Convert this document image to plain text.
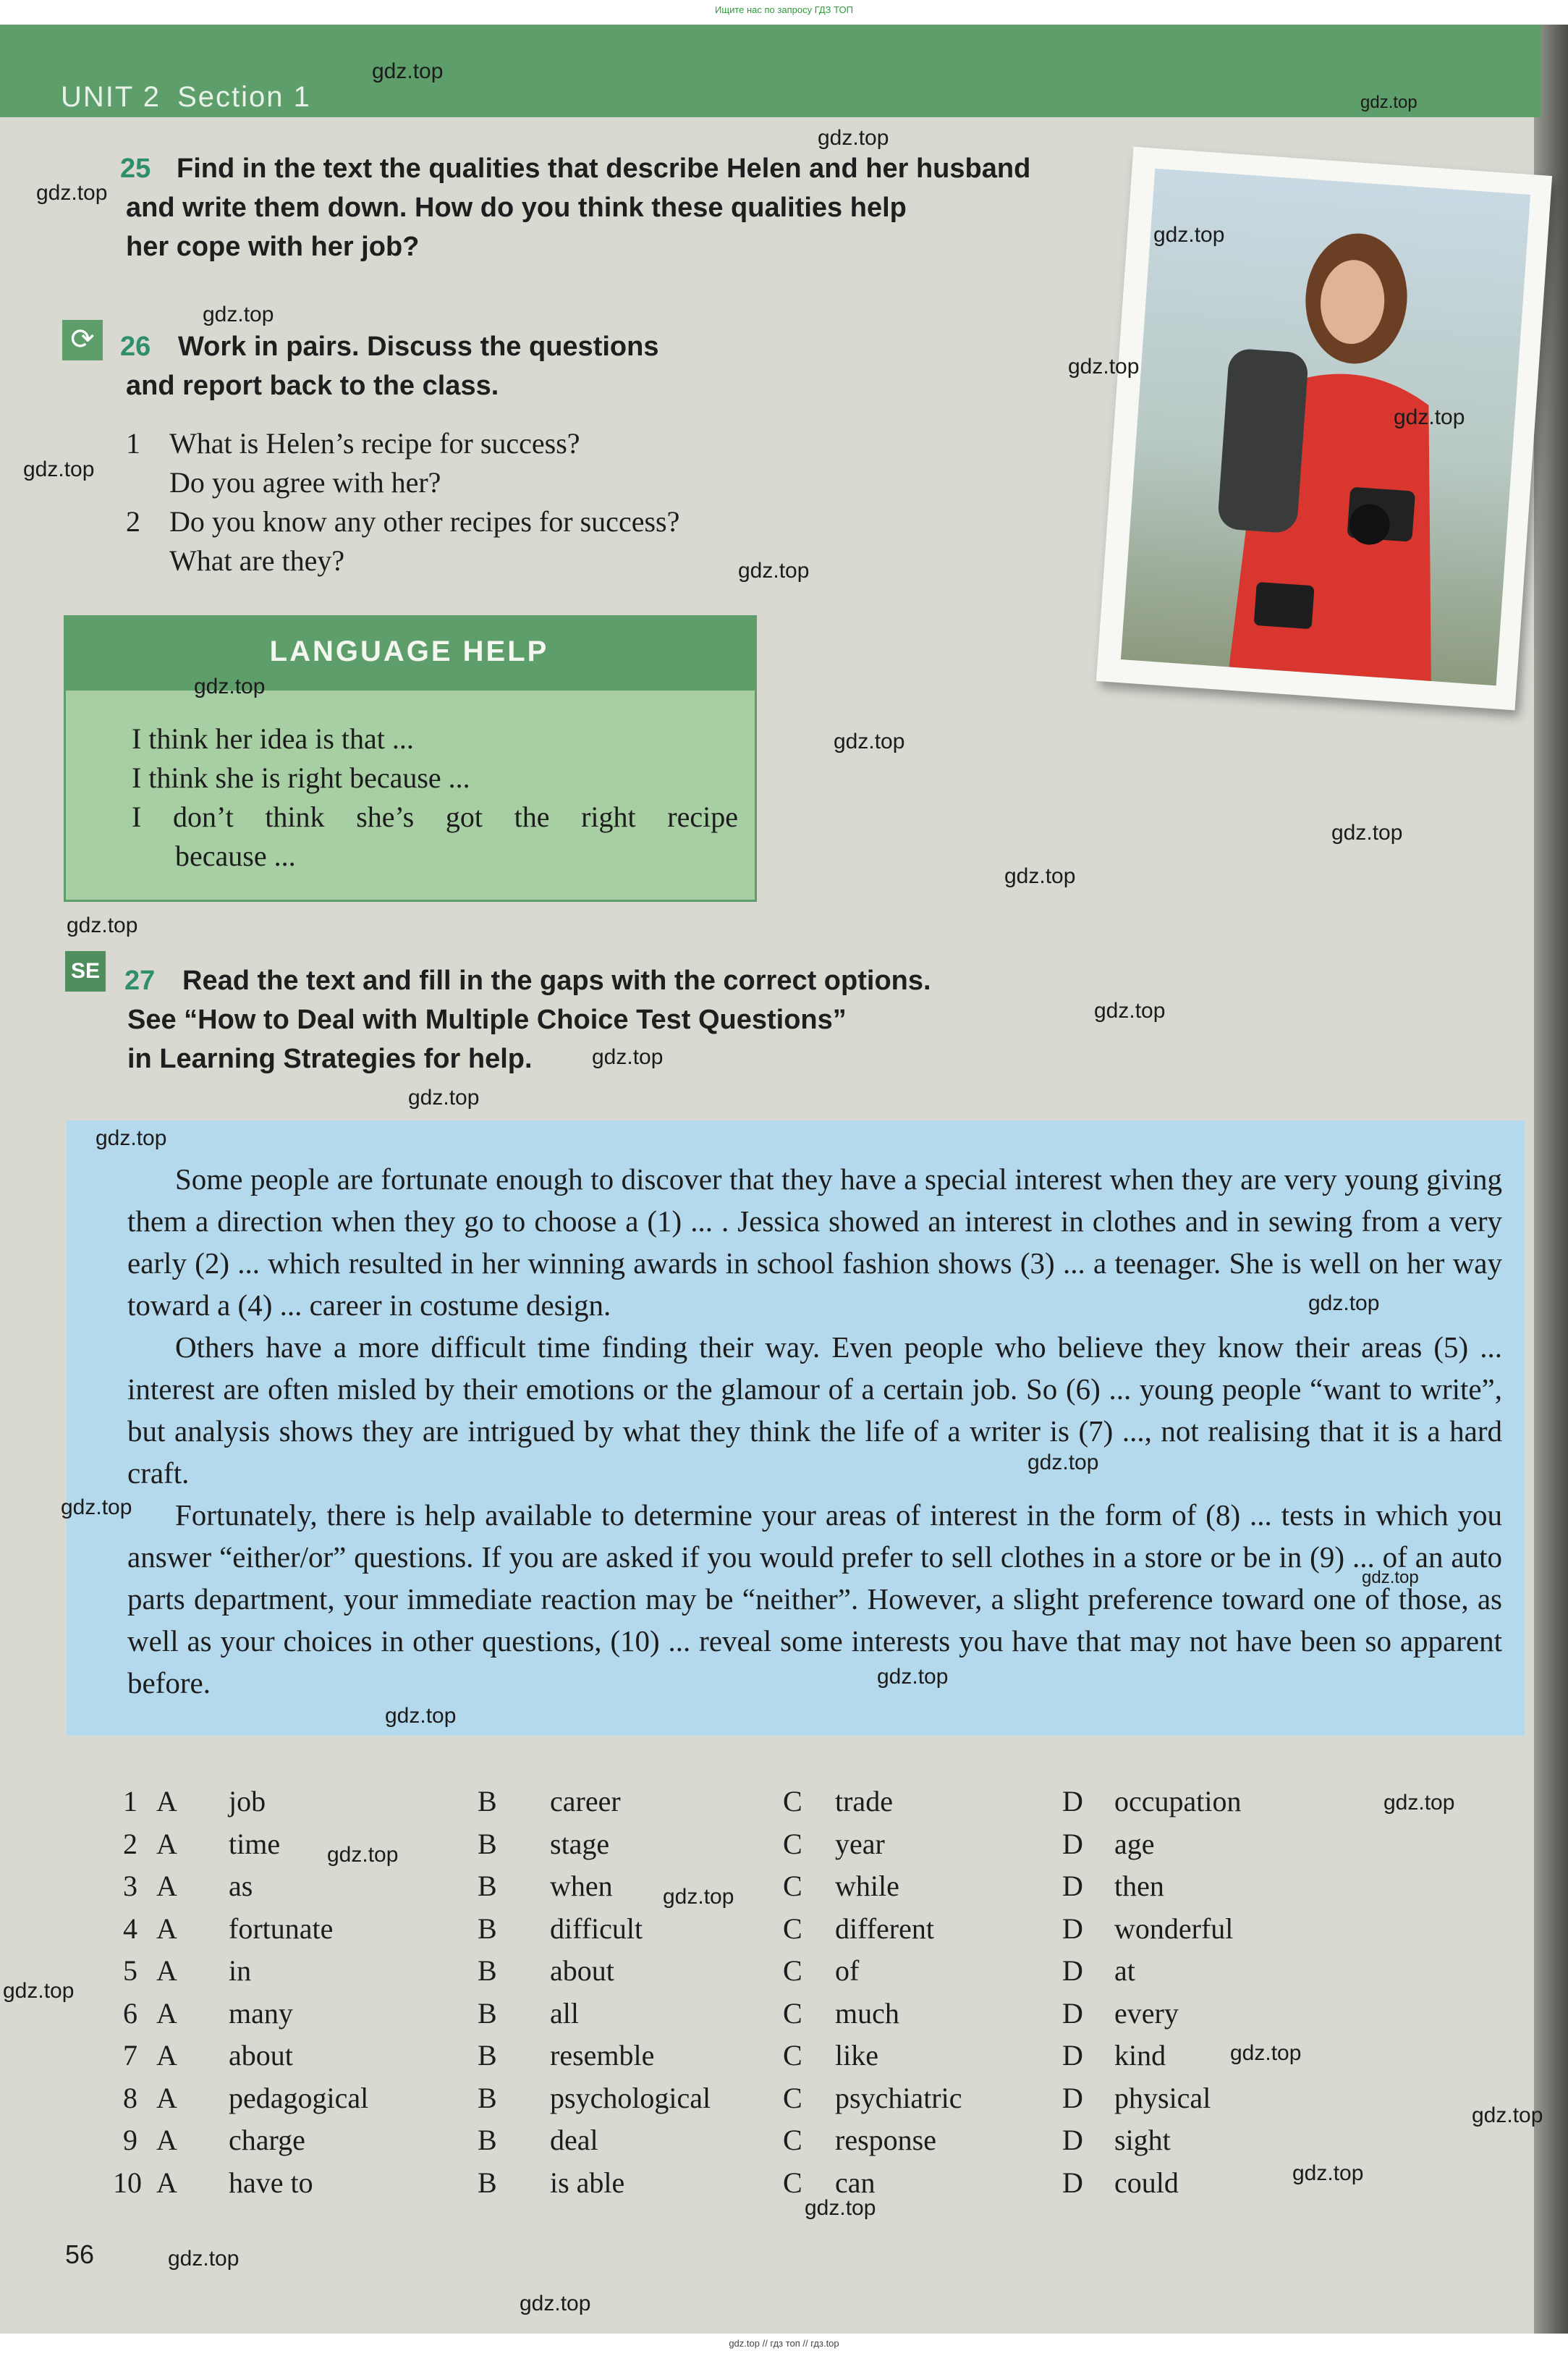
Ищите нас по запросу ГДЗ ТОП
UNIT 2 Section 1
25 Find in the text the qualities that describe Helen and her husband
and write them down. How do you think these qualities help
her cope with her job?
⟳ 26 Work in pairs. Discuss the questions
and report back to the class.
1 What is Helen’s recipe for success?
Do you agree with her?
2 Do you know any other recipes for success?
What are they?
LANGUAGE HELP
I think her idea is that ...
I think she is right because ...
I don’t think she’s got the right recipe
because ...
SE 27 Read the text and fill in the gaps with the correct options.
See “How to Deal with Multiple Choice Test Questions”
in Learning Strategies for help.
Some people are fortunate enough to discover that they have a special interest when they are very young giving them a direction when they go to choose a (1) ... . Jessica showed an interest in clothes and in sewing from a very early (2) ... which resulted in her winning awards in school fashion shows (3) ... a teenager. She is well on her way toward a (4) ... career in costume design.
Others have a more difficult time finding their way. Even people who believe they know their areas (5) ... interest are often misled by their emotions or the glamour of a certain job. So (6) ... young people “want to write”, but analysis shows they are intrigued by what they think the life of a writer is (7) ..., not realising that it is a hard craft.
Fortunately, there is help available to determine your areas of interest in the form of (8) ... tests in which you answer “either/or” questions. If you are asked if you would prefer to sell clothes in a store or be in (9) ... of an auto parts department, your immediate reaction may be “neither”. However, a slight preference toward one of those, as well as your choices in other questions, (10) ... reveal some interests you have that may not have been so apparent before.
1 A job	B career	C trade	D occupation
2 A time	B stage	C year	D age
3 A as	B when	C while	D then
4 A fortunate	B difficult	C different	D wonderful
5 A in	B about	C of	D at
6 A many	B all	C much	D every
7 A about	B resemble	C like	D kind
8 A pedagogical	B psychological C psychiatric	D physical
9 A charge	B deal	C response	D sight
10 A have to	B is able	C can	D could
gdz.top
gdz.top
gdz.top
gdz.top
gdz.top
gdz.top
gdz.top
gdz.top
gdz.top
gdz.top
gdz.top
gdz.top
gdz.top
gdz.top
gdz.top
gdz.top
gdz.top
gdz.top
gdz.top
gdz.top
gdz.top
gdz.top
gdz.top
gdz.top
gdz.top
gdz.top
gdz.top
gdz.top
gdz.top
gdz.top
gdz.top
gdz.top
gdz.top
gdz.top
gdz.top
56
gdz.top // гдз топ // гдз.top
